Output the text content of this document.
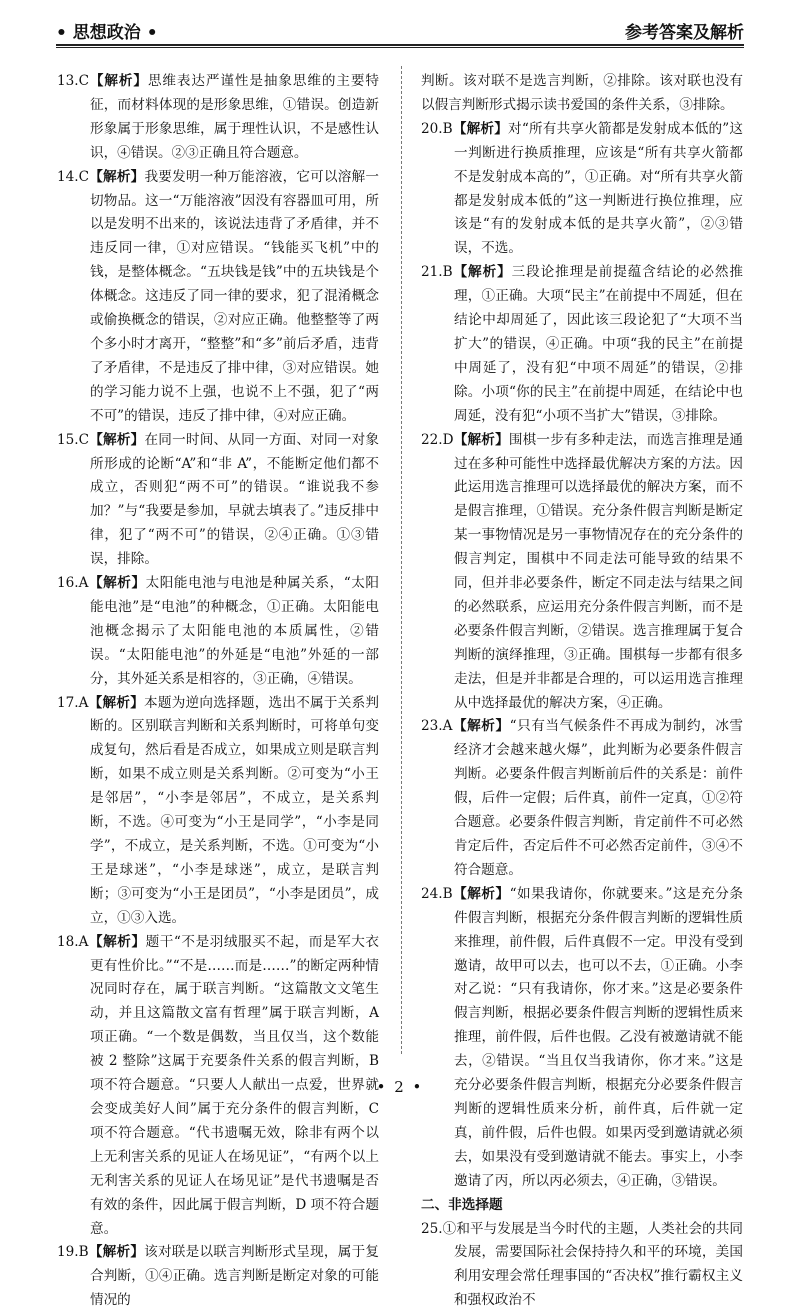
• 思想政治 •	参考答案及解析

13.C【解析】思维表达严谨性是抽象思维的主要特征，而材料体现的是形象思维，①错误。创造新形象属于形象思维，属于理性认识，不是感性认识，④错误。②③正确且符合题意。

14.C【解析】我要发明一种万能溶液，它可以溶解一切物品。这一“万能溶液”因没有容器皿可用，所以是发明不出来的，该说法违背了矛盾律，并不违反同一律，①对应错误。“钱能买飞机”中的钱，是整体概念。“五块钱是钱”中的五块钱是个体概念。这违反了同一律的要求，犯了混淆概念或偷换概念的错误，②对应正确。他整整等了两个多小时才离开，“整整”和“多”前后矛盾，违背了矛盾律，不是违反了排中律，③对应错误。她的学习能力说不上强，也说不上不强，犯了“两不可”的错误，违反了排中律，④对应正确。

15.C【解析】在同一时间、从同一方面、对同一对象所形成的论断“A”和“非 A”，不能断定他们都不成立，否则犯“两不可”的错误。“谁说我不参加？”与“我要是参加，早就去填表了。”违反排中律，犯了“两不可”的错误，②④正确。①③错误，排除。

16.A【解析】太阳能电池与电池是种属关系，“太阳能电池”是“电池”的种概念，①正确。太阳能电池概念揭示了太阳能电池的本质属性，②错误。“太阳能电池”的外延是“电池”外延的一部分，其外延关系是相容的，③正确，④错误。

17.A【解析】本题为逆向选择题，选出不属于关系判断的。区别联言判断和关系判断时，可将单句变成复句，然后看是否成立，如果成立则是联言判断，如果不成立则是关系判断。②可变为“小王是邻居”，“小李是邻居”，不成立，是关系判断，不选。④可变为“小王是同学”，“小李是同学”，不成立，是关系判断，不选。①可变为“小王是球迷”，“小李是球迷”，成立，是联言判断；③可变为“小王是团员”，“小李是团员”，成立，①③入选。

18.A【解析】题干“不是羽绒服买不起，而是军大衣更有性价比。”“不是……而是……”的断定两种情况同时存在，属于联言判断。“这篇散文文笔生动，并且这篇散文富有哲理”属于联言判断，A 项正确。“一个数是偶数，当且仅当，这个数能被 2 整除”这属于充要条件关系的假言判断，B 项不符合题意。“只要人人献出一点爱，世界就会变成美好人间”属于充分条件的假言判断，C 项不符合题意。“代书遗嘱无效，除非有两个以上无利害关系的见证人在场见证”，“有两个以上无利害关系的见证人在场见证”是代书遗嘱是否有效的条件，因此属于假言判断，D 项不符合题意。

19.B【解析】该对联是以联言判断形式呈现，属于复合判断，①④正确。选言判断是断定对象的可能情况的

判断。该对联不是选言判断，②排除。该对联也没有以假言判断形式揭示读书爱国的条件关系，③排除。

20.B【解析】对“所有共享火箭都是发射成本低的”这一判断进行换质推理，应该是“所有共享火箭都不是发射成本高的”，①正确。对“所有共享火箭都是发射成本低的”这一判断进行换位推理，应该是“有的发射成本低的是共享火箭”，②③错误，不选。

21.B【解析】三段论推理是前提蕴含结论的必然推理，①正确。大项“民主”在前提中不周延，但在结论中却周延了，因此该三段论犯了“大项不当扩大”的错误，④正确。中项“我的民主”在前提中周延了，没有犯“中项不周延”的错误，②排除。小项“你的民主”在前提中周延，在结论中也周延，没有犯“小项不当扩大”错误，③排除。

22.D【解析】围棋一步有多种走法，而选言推理是通过在多种可能性中选择最优解决方案的方法。因此运用选言推理可以选择最优的解决方案，而不是假言推理，①错误。充分条件假言判断是断定某一事物情况是另一事物情况存在的充分条件的假言判定，围棋中不同走法可能导致的结果不同，但并非必要条件，断定不同走法与结果之间的必然联系，应运用充分条件假言判断，而不是必要条件假言判断，②错误。选言推理属于复合判断的演绎推理，③正确。围棋每一步都有很多走法，但是并非都是合理的，可以运用选言推理从中选择最优的解决方案，④正确。

23.A【解析】“只有当气候条件不再成为制约，冰雪经济才会越来越火爆”，此判断为必要条件假言判断。必要条件假言判断前后件的关系是：前件假，后件一定假；后件真，前件一定真，①②符合题意。必要条件假言判断，肯定前件不可必然肯定后件，否定后件不可必然否定前件，③④不符合题意。

24.B【解析】“如果我请你，你就要来。”这是充分条件假言判断，根据充分条件假言判断的逻辑性质来推理，前件假，后件真假不一定。甲没有受到邀请，故甲可以去，也可以不去，①正确。小李对乙说：“只有我请你，你才来。”这是必要条件假言判断，根据必要条件假言判断的逻辑性质来推理，前件假，后件也假。乙没有被邀请就不能去，②错误。“当且仅当我请你，你才来。”这是充分必要条件假言判断，根据充分必要条件假言判断的逻辑性质来分析，前件真，后件就一定真，前件假，后件也假。如果丙受到邀请就必须去，如果没有受到邀请就不能去。事实上，小李邀请了丙，所以丙必须去，④正确，③错误。

二、非选择题

25.①和平与发展是当今时代的主题，人类社会的共同发展，需要国际社会保持持久和平的环境，美国利用安理会常任理事国的“否决权”推行霸权主义和强权政治不

• 2 •
